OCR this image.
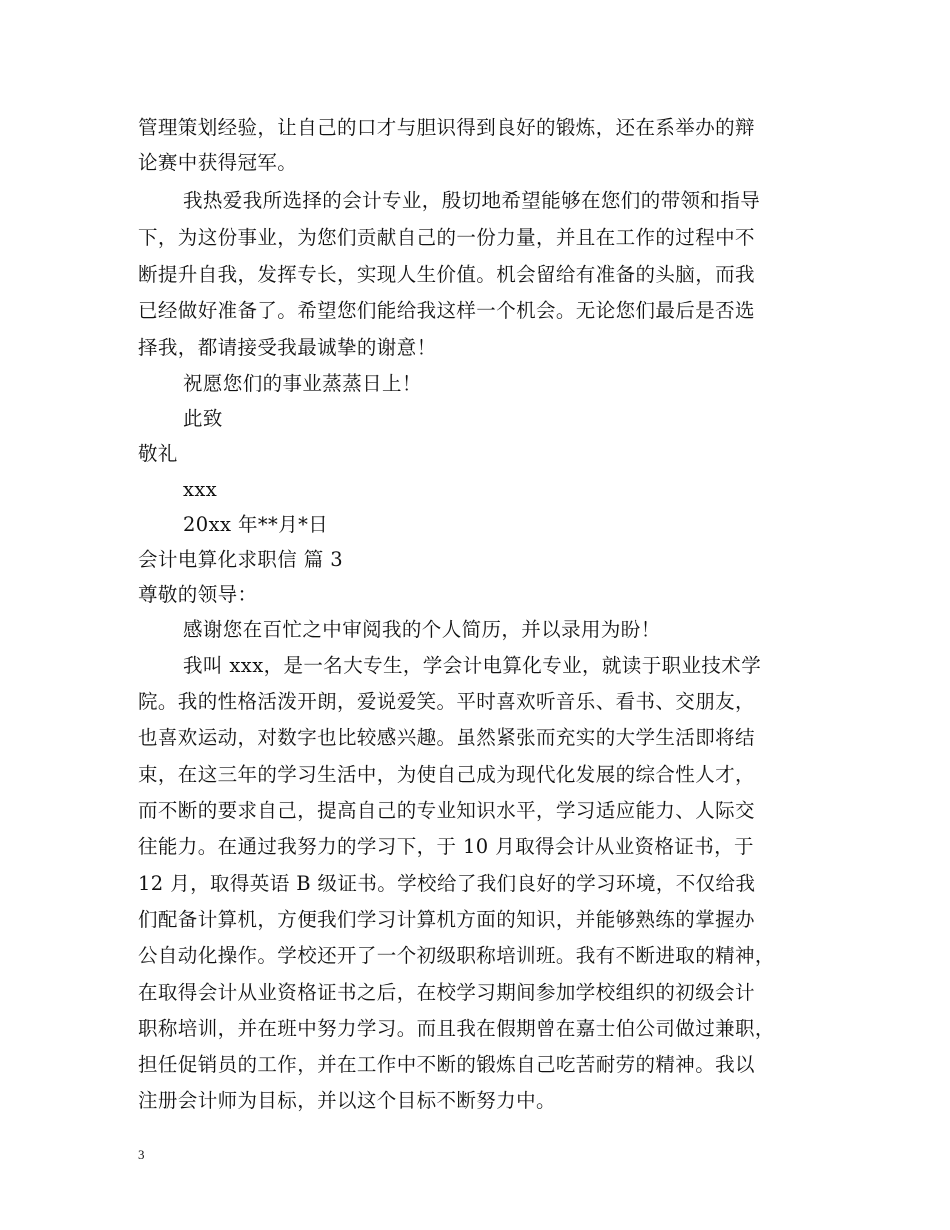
管理策划经验，让自己的口才与胆识得到良好的锻炼，还在系举办的辩
论赛中获得冠军。
我热爱我所选择的会计专业，殷切地希望能够在您们的带领和指导
下，为这份事业，为您们贡献自己的一份力量，并且在工作的过程中不
断提升自我，发挥专长，实现人生价值。机会留给有准备的头脑，而我
已经做好准备了。希望您们能给我这样一个机会。无论您们最后是否选
择我，都请接受我最诚挚的谢意！
祝愿您们的事业蒸蒸日上！
此致
敬礼
xxx
20xx 年**月*日
会计电算化求职信 篇 3
尊敬的领导：
感谢您在百忙之中审阅我的个人简历，并以录用为盼！
我叫 xxx，是一名大专生，学会计电算化专业，就读于职业技术学
院。我的性格活泼开朗，爱说爱笑。平时喜欢听音乐、看书、交朋友，
也喜欢运动，对数字也比较感兴趣。虽然紧张而充实的大学生活即将结
束，在这三年的学习生活中，为使自己成为现代化发展的综合性人才，
而不断的要求自己，提高自己的专业知识水平，学习适应能力、人际交
往能力。在通过我努力的学习下，于 10 月取得会计从业资格证书，于
12 月，取得英语 B 级证书。学校给了我们良好的学习环境，不仅给我
们配备计算机，方便我们学习计算机方面的知识，并能够熟练的掌握办
公自动化操作。学校还开了一个初级职称培训班。我有不断进取的精神，
在取得会计从业资格证书之后，在校学习期间参加学校组织的初级会计
职称培训，并在班中努力学习。而且我在假期曾在嘉士伯公司做过兼职，
担任促销员的工作，并在工作中不断的锻炼自己吃苦耐劳的精神。我以
注册会计师为目标，并以这个目标不断努力中。
3
